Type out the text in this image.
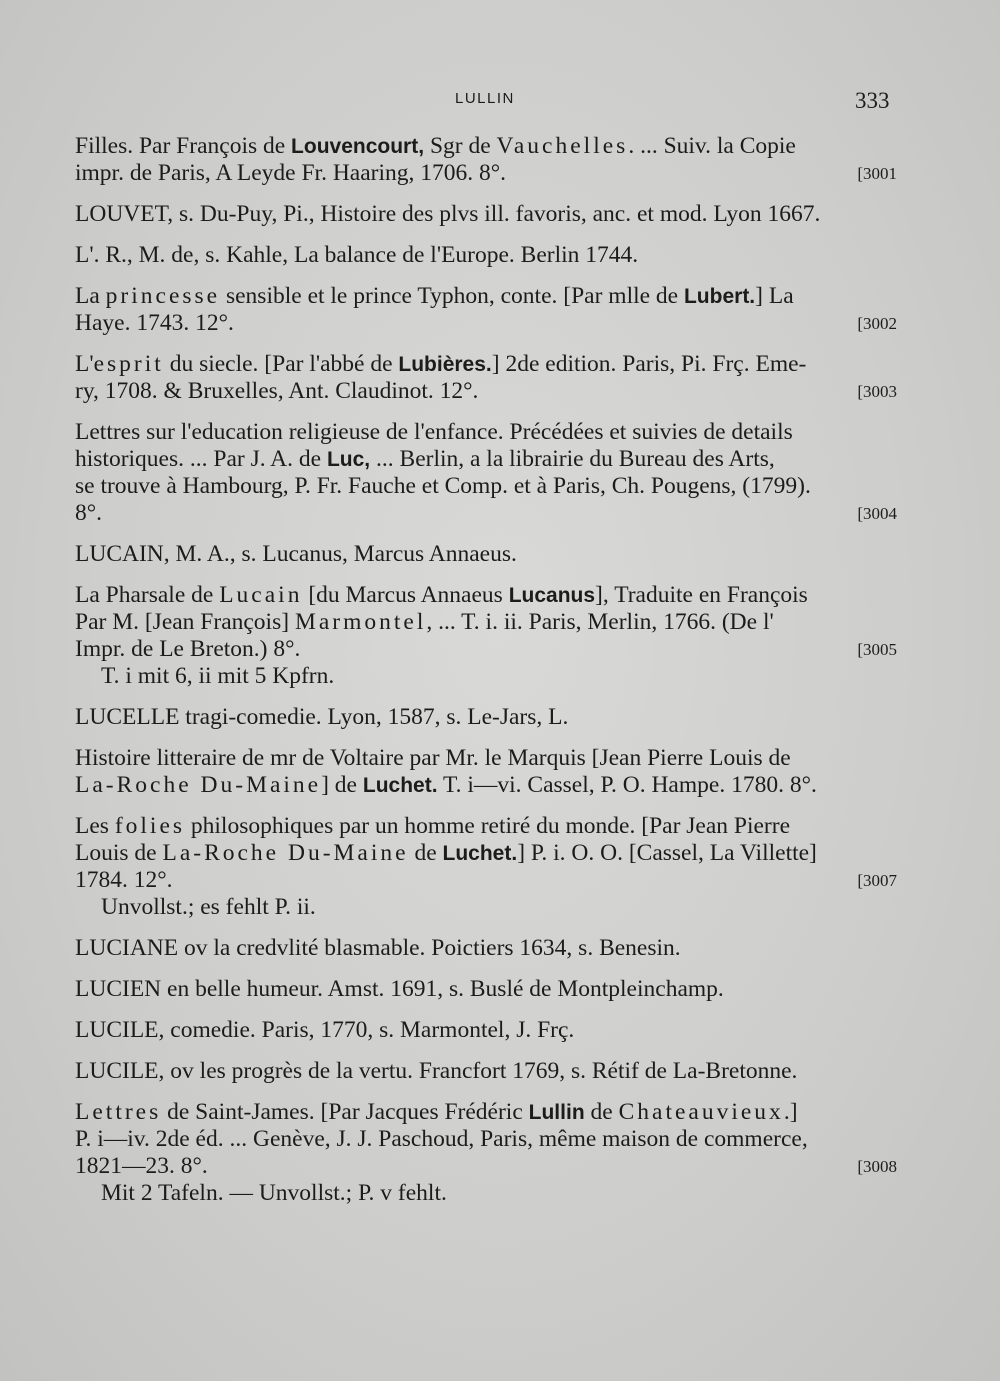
LULLIN	333
Filles. Par François de Louvencourt, Sgr de Vauchelles. ... Suiv. la Copie
impr. de Paris, A Leyde Fr. Haaring, 1706. 8°.	[3001
LOUVET, s. Du-Puy, Pi., Histoire des plvs ill. favoris, anc. et mod. Lyon 1667.
L'. R., M. de, s. Kahle, La balance de l'Europe. Berlin 1744.
La princesse sensible et le prince Typhon, conte. [Par mlle de Lubert.] La
Haye. 1743. 12°.	[3002
L'esprit du siecle. [Par l'abbé de Lubières.] 2de edition. Paris, Pi. Frç. Eme-
ry, 1708. & Bruxelles, Ant. Claudinot. 12°.	[3003
Lettres sur l'education religieuse de l'enfance. Précédées et suivies de details
historiques. ... Par J. A. de Luc, ... Berlin, a la librairie du Bureau des Arts,
se trouve à Hambourg, P. Fr. Fauche et Comp. et à Paris, Ch. Pougens, (1799).
8°.	[3004
LUCAIN, M. A., s. Lucanus, Marcus Annaeus.
La Pharsale de Lucain [du Marcus Annaeus Lucanus], Traduite en François
Par M. [Jean François] Marmontel, ... T. i. ii. Paris, Merlin, 1766. (De l'
Impr. de Le Breton.) 8°.
T. i mit 6, ii mit 5 Kpfrn.
[3005
LUCELLE tragi-comedie. Lyon, 1587, s. Le-Jars, L.
Histoire litteraire de mr de Voltaire par Mr. le Marquis [Jean Pierre Louis de
La-Roche Du-Maine] de Luchet. T. i—vi. Cassel, P. O. Hampe. 1780. 8°.
Les folies philosophiques par un homme retiré du monde. [Par Jean Pierre
Louis de La-Roche Du-Maine de Luchet.] P. i. O. O. [Cassel, La Villette]
1784. 12°.
Unvollst.; es fehlt P. ii.
[3007
LUCIANE ov la credvlité blasmable. Poictiers 1634, s. Benesin.
LUCIEN en belle humeur. Amst. 1691, s. Buslé de Montpleinchamp.
LUCILE, comedie. Paris, 1770, s. Marmontel, J. Frç.
LUCILE, ov les progrès de la vertu. Francfort 1769, s. Rétif de La-Bretonne.
Lettres de Saint-James. [Par Jacques Frédéric Lullin de Chateauvieux.]
P. i—iv. 2de éd. ... Genève, J. J. Paschoud, Paris, même maison de commerce,
1821—23. 8°.
Mit 2 Tafeln. — Unvollst.; P. v fehlt.
[3008
